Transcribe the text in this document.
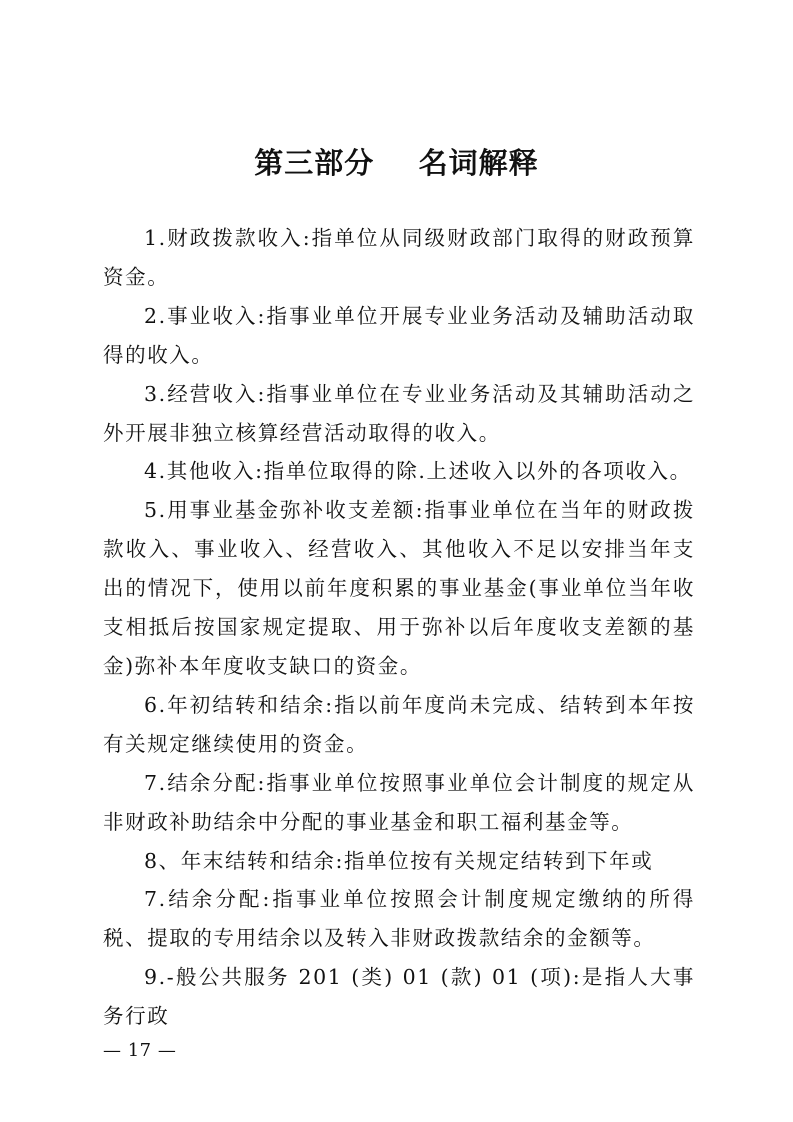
第三部分    名词解释

1.财政拨款收入:指单位从同级财政部门取得的财政预算资金。

2.事业收入:指事业单位开展专业业务活动及辅助活动取得的收入。

3.经营收入:指事业单位在专业业务活动及其辅助活动之外开展非独立核算经营活动取得的收入。

4.其他收入:指单位取得的除.上述收入以外的各项收入。

5.用事业基金弥补收支差额:指事业单位在当年的财政拨款收入、事业收入、经营收入、其他收入不足以安排当年支出的情况下，使用以前年度积累的事业基金(事业单位当年收支相抵后按国家规定提取、用于弥补以后年度收支差额的基金)弥补本年度收支缺口的资金。

6.年初结转和结余:指以前年度尚未完成、结转到本年按有关规定继续使用的资金。

7.结余分配:指事业单位按照事业单位会计制度的规定从非财政补助结余中分配的事业基金和职工福利基金等。

8、年末结转和结余:指单位按有关规定结转到下年或

7.结余分配:指事业单位按照会计制度规定缴纳的所得税、提取的专用结余以及转入非财政拨款结余的金额等。

9.-般公共服务 201 (类) 01 (款) 01 (项):是指人大事务行政

— 17 —
